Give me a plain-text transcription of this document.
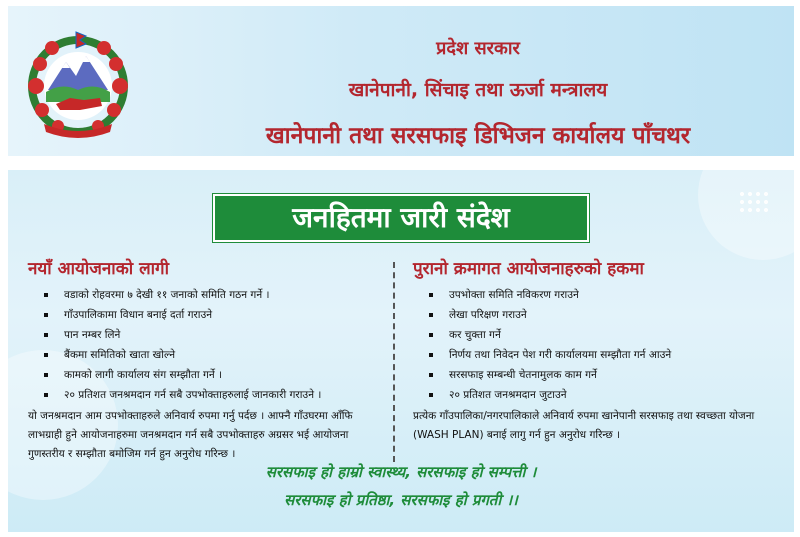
प्रदेश सरकार
खानेपानी, सिंचाइ तथा ऊर्जा मन्त्रालय
खानेपानी तथा सरसफाइ डिभिजन कार्यालय पाँचथर
जनहितमा जारी संदेश
नयाँ आयोजनाको लागी
वडाको रोहवरमा ७ देखी ११ जनाको समिति गठन गर्ने ।
गाँउपालिकामा विधान बनाई दर्ता गराउने
पान नम्बर लिने
बैंकमा समितिको खाता खोल्ने
कामको लागी कार्यालय संग सम्झौता गर्ने ।
२० प्रतिशत जनश्रमदान गर्न सबै उपभोक्ताहरुलाई जानकारी गराउने ।
यो जनश्रमदान आम उपभोक्ताहरुले अनिवार्य रुपमा गर्नु पर्दछ । आफ्नै गाँउघरमा आँफि लाभग्राही हुने आयोजनाहरुमा जनश्रमदान गर्न सबै उपभोक्ताहरु अग्रसर भई आयोजना गुणस्तरीय र सम्झौता बमोजिम गर्न हुन अनुरोध गरिन्छ ।
पुरानो क्रमागत आयोजनाहरुको हकमा
उपभोक्ता समिति नविकरण गराउने
लेखा परिक्षण गराउने
कर चुक्ता गर्ने
निर्णय तथा निवेदन पेश गरी कार्यालयमा सम्झौता गर्न आउने
सरसफाइ सम्बन्धी चेतनामुलक काम गर्ने
२० प्रतिशत जनश्रमदान जुटाउने
प्रत्येक गाँउपालिका/नगरपालिकाले अनिवार्य रुपमा खानेपानी सरसफाइ तथा स्वच्छता योजना (WASH PLAN) बनाई लागु गर्न हुन अनुरोध गरिन्छ ।
सरसफाइ हो हाम्रो स्वास्थ्य, सरसफाइ हो सम्पत्ती ।
सरसफाइ हो प्रतिष्ठा, सरसफाइ हो प्रगती ।।
